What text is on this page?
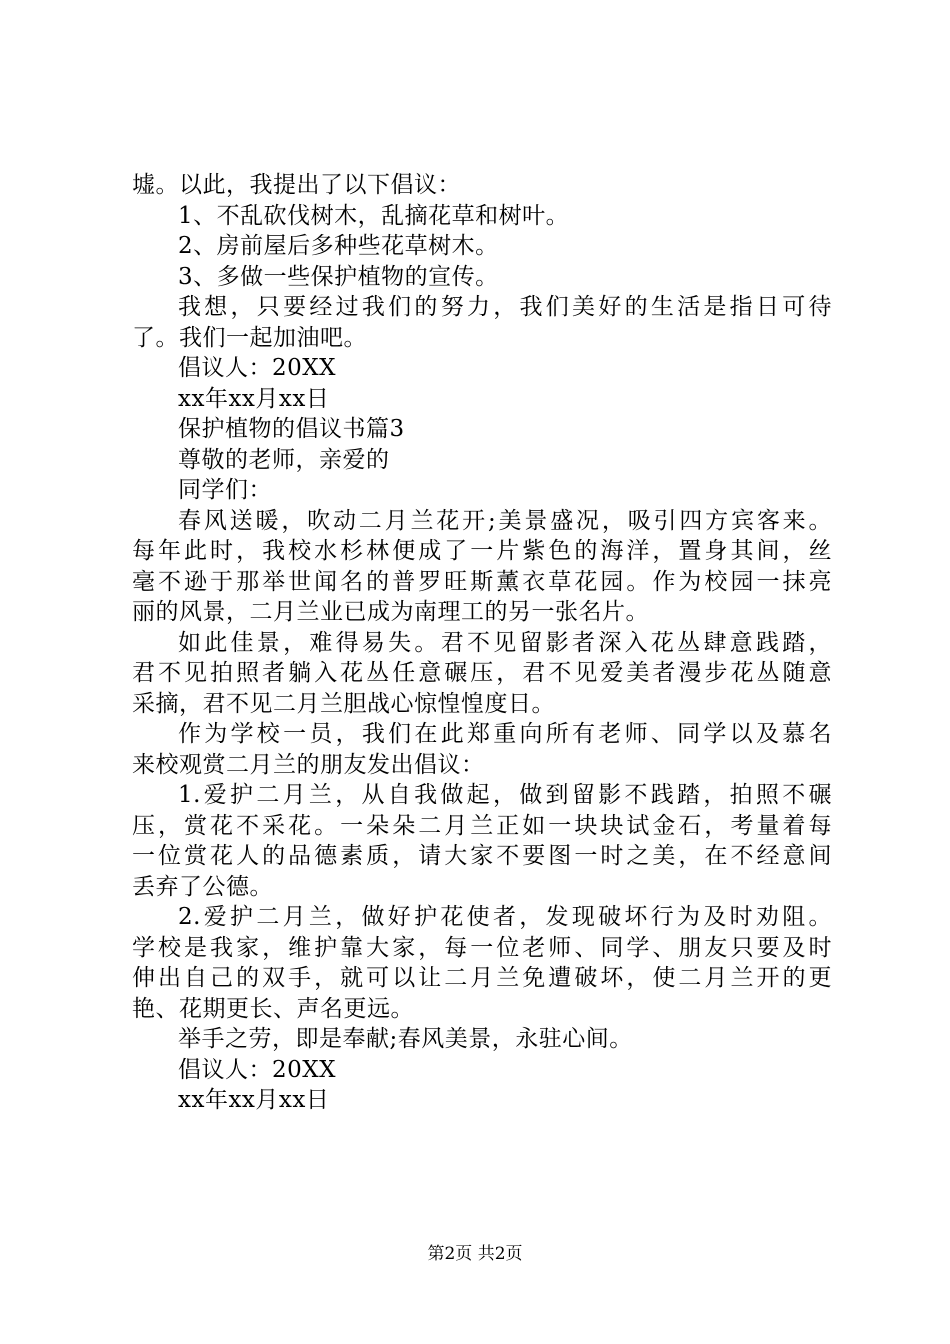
墟。以此，我提出了以下倡议：
1、不乱砍伐树木，乱摘花草和树叶。
2、房前屋后多种些花草树木。
3、多做一些保护植物的宣传。
我想，只要经过我们的努力，我们美好的生活是指日可待
了。我们一起加油吧。
倡议人：20XX
xx年xx月xx日
保护植物的倡议书篇3
尊敬的老师，亲爱的
同学们：
春风送暖，吹动二月兰花开;美景盛况，吸引四方宾客来。
每年此时，我校水杉林便成了一片紫色的海洋，置身其间，丝
毫不逊于那举世闻名的普罗旺斯薰衣草花园。作为校园一抹亮
丽的风景，二月兰业已成为南理工的另一张名片。
如此佳景，难得易失。君不见留影者深入花丛肆意践踏，
君不见拍照者躺入花丛任意碾压，君不见爱美者漫步花丛随意
采摘，君不见二月兰胆战心惊惶惶度日。
作为学校一员，我们在此郑重向所有老师、同学以及慕名
来校观赏二月兰的朋友发出倡议：
1.爱护二月兰，从自我做起，做到留影不践踏，拍照不碾
压，赏花不采花。一朵朵二月兰正如一块块试金石，考量着每
一位赏花人的品德素质，请大家不要图一时之美，在不经意间
丢弃了公德。
2.爱护二月兰，做好护花使者，发现破坏行为及时劝阻。
学校是我家，维护靠大家，每一位老师、同学、朋友只要及时
伸出自己的双手，就可以让二月兰免遭破坏，使二月兰开的更
艳、花期更长、声名更远。
举手之劳，即是奉献;春风美景，永驻心间。
倡议人：20XX
xx年xx月xx日
第2页 共2页
